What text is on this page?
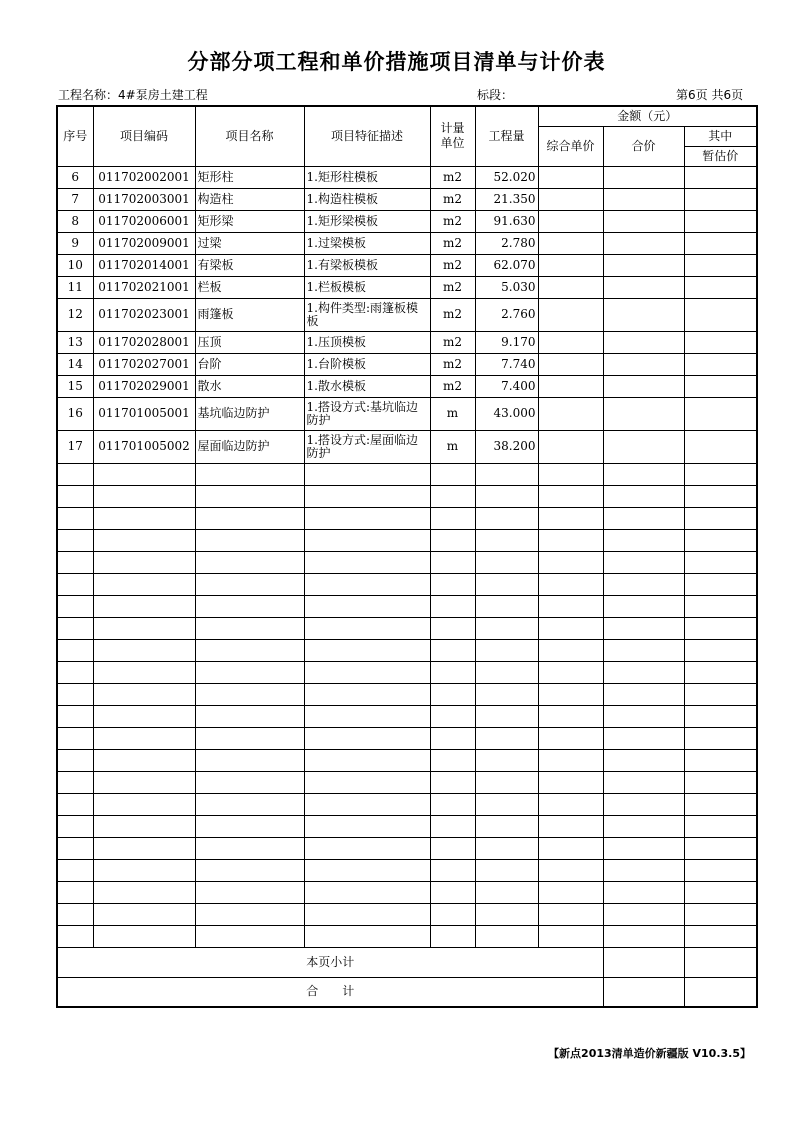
分部分项工程和单价措施项目清单与计价表
工程名称：4#泵房土建工程	标段：	第6页 共6页
序号	项目编码	项目名称	项目特征描述	计量
单位	工程量	金额（元）		
						综合单价	合价	其中
								暂估价
6	011702002001	矩形柱	1.矩形柱模板	m2	52.020			
7	011702003001	构造柱	1.构造柱模板	m2	21.350			
8	011702006001	矩形梁	1.矩形梁模板	m2	91.630			
9	011702009001	过梁	1.过梁模板	m2	2.780			
10	011702014001	有梁板	1.有梁板模板	m2	62.070			
11	011702021001	栏板	1.栏板模板	m2	5.030			
12	011702023001	雨篷板	1.构件类型:雨篷板模板	m2	2.760			
13	011702028001	压顶	1.压顶模板	m2	9.170			
14	011702027001	台阶	1.台阶模板	m2	7.740			
15	011702029001	散水	1.散水模板	m2	7.400			
16	011701005001	基坑临边防护	1.搭设方式:基坑临边防护	m	43.000			
17	011701005002	屋面临边防护	1.搭设方式:屋面临边防护	m	38.200			

本页小计								
合　　计								
【新点2013清单造价新疆版 V10.3.5】
